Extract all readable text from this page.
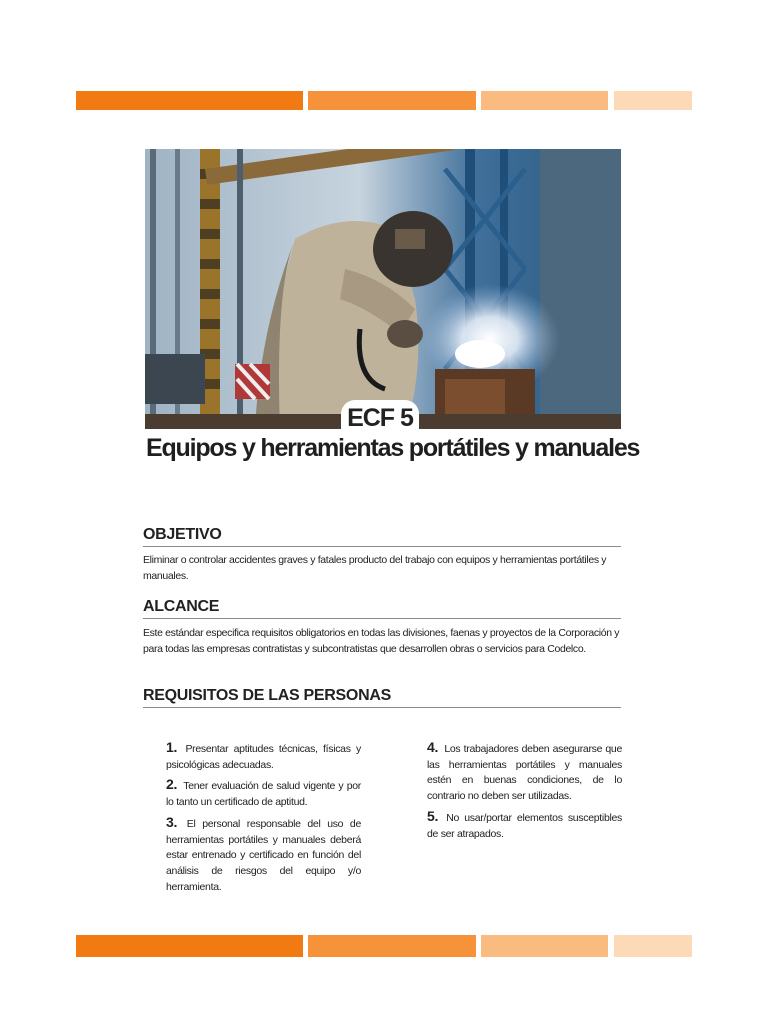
ECF 5
Equipos y herramientas portátiles y manuales
OBJETIVO
Eliminar o controlar accidentes graves y fatales producto del trabajo con equipos y herramientas portátiles y manuales.
ALCANCE
Este estándar especifica requisitos obligatorios en todas las divisiones, faenas y proyectos de la Corporación y para todas las empresas contratistas y subcontratistas que desarrollen obras o servicios para Codelco.
REQUISITOS DE LAS PERSONAS
1. Presentar aptitudes técnicas, físicas y psicológicas adecuadas.
2. Tener evaluación de salud vigente y por lo tanto un certificado de aptitud.
3. El personal responsable del uso de herramientas portátiles y manuales deberá estar entrenado y certificado en función del análisis de riesgos del equipo y/o herramienta.
4. Los trabajadores deben asegurarse que las herramientas portátiles y manuales estén en buenas condiciones, de lo contrario no deben ser utilizadas.
5. No usar/portar elementos susceptibles de ser atrapados.
